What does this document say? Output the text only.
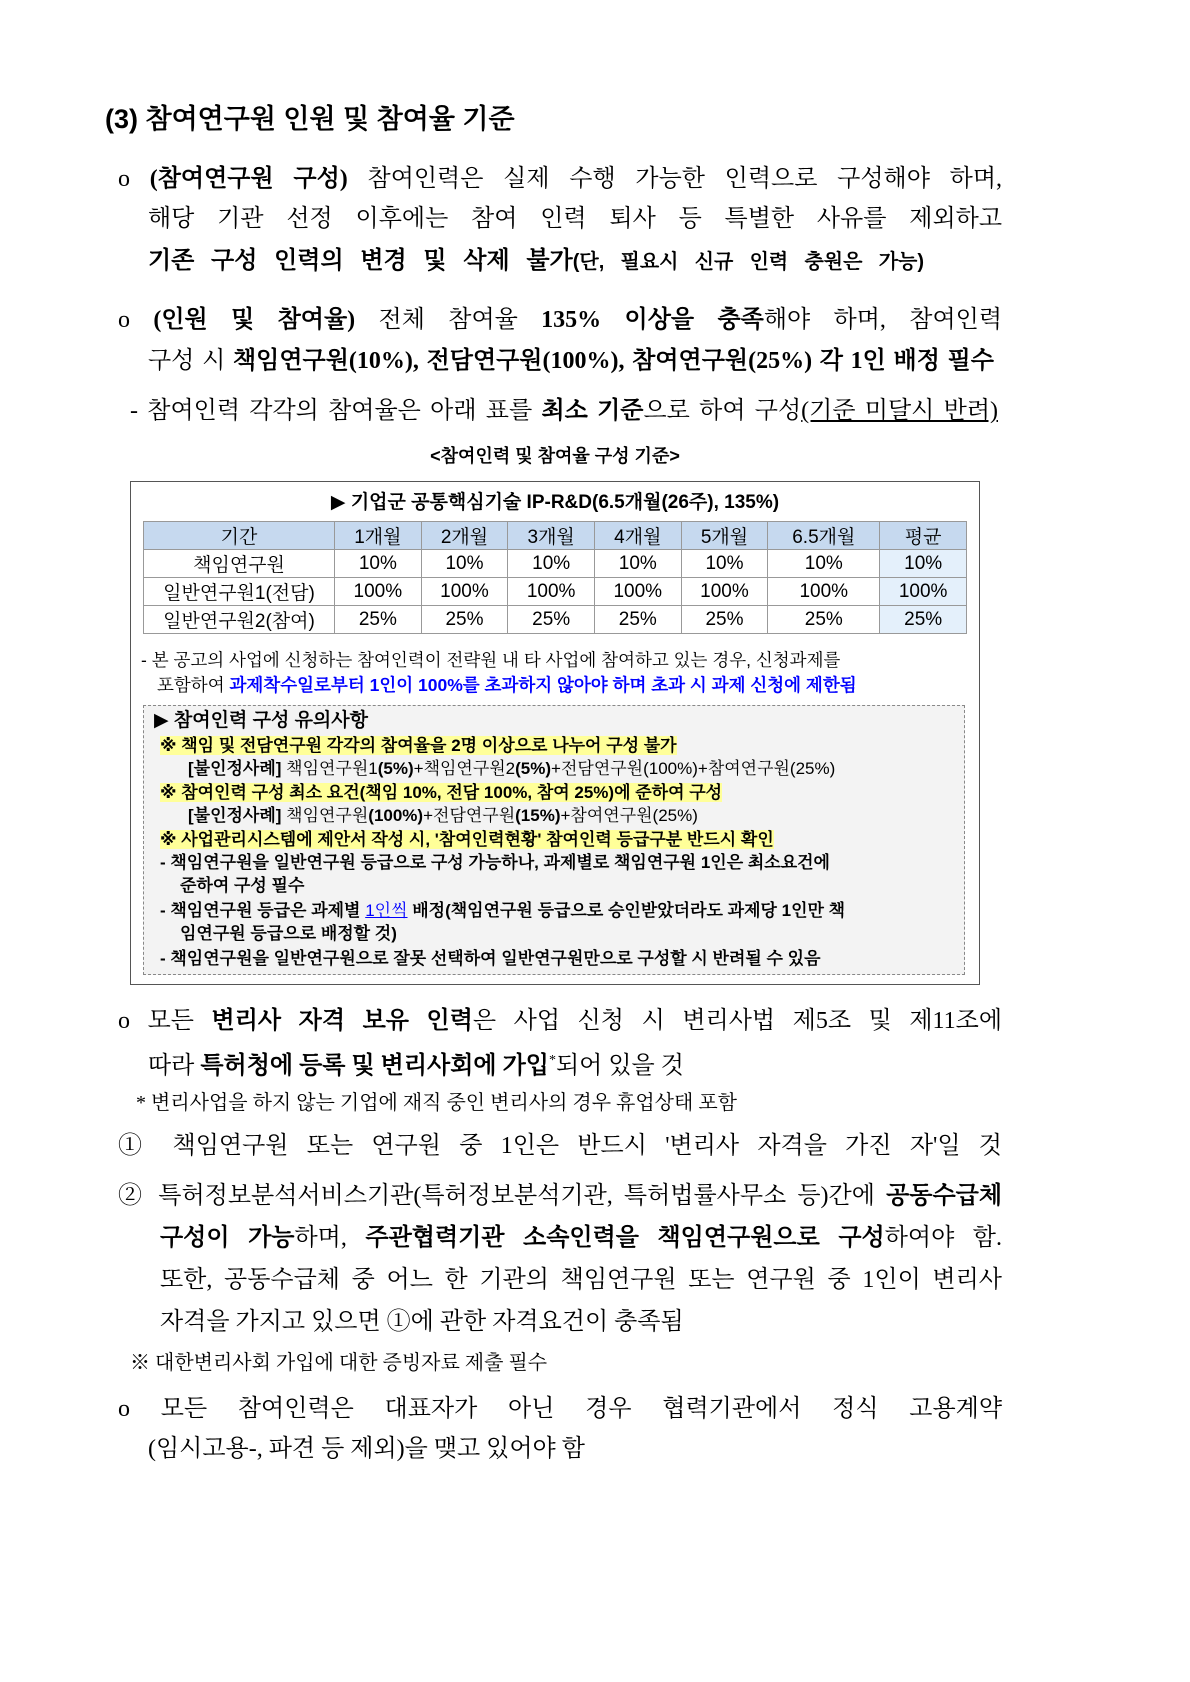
(3) 참여연구원 인원 및 참여율 기준
o (참여연구원 구성) 참여인력은 실제 수행 가능한 인력으로 구성해야 하며,
해당 기관 선정 이후에는 참여 인력 퇴사 등 특별한 사유를 제외하고
기존 구성 인력의 변경 및 삭제 불가(단, 필요시 신규 인력 충원은 가능)
o (인원 및 참여율) 전체 참여율 135% 이상을 충족해야 하며, 참여인력
구성 시 책임연구원(10%), 전담연구원(100%), 참여연구원(25%) 각 1인 배정 필수
- 참여인력 각각의 참여율은 아래 표를 최소 기준으로 하여 구성(기준 미달시 반려)
<참여인력 및 참여율 구성 기준>
▶ 기업군 공통핵심기술 IP-R&D(6.5개월(26주), 135%)
기간	1개월	2개월	3개월	4개월	5개월	6.5개월	평균
책임연구원	10%	10%	10%	10%	10%	10%	10%
일반연구원1(전담)	100%	100%	100%	100%	100%	100%	100%
일반연구원2(참여)	25%	25%	25%	25%	25%	25%	25%
- 본 공고의 사업에 신청하는 참여인력이 전략원 내 타 사업에 참여하고 있는 경우, 신청과제를
포함하여 과제착수일로부터 1인이 100%를 초과하지 않아야 하며 초과 시 과제 신청에 제한됨
▶ 참여인력 구성 유의사항
※ 책임 및 전담연구원 각각의 참여율을 2명 이상으로 나누어 구성 불가
[불인정사례] 책임연구원1(5%)+책임연구원2(5%)+전담연구원(100%)+참여연구원(25%)
※ 참여인력 구성 최소 요건(책임 10%, 전담 100%, 참여 25%)에 준하여 구성
[불인정사례] 책임연구원(100%)+전담연구원(15%)+참여연구원(25%)
※ 사업관리시스템에 제안서 작성 시, '참여인력현황' 참여인력 등급구분 반드시 확인
- 책임연구원을 일반연구원 등급으로 구성 가능하나, 과제별로 책임연구원 1인은 최소요건에
준하여 구성 필수
- 책임연구원 등급은 과제별 1인씩 배정(책임연구원 등급으로 승인받았더라도 과제당 1인만 책
임연구원 등급으로 배정할 것)
- 책임연구원을 일반연구원으로 잘못 선택하여 일반연구원만으로 구성할 시 반려될 수 있음
o 모든 변리사 자격 보유 인력은 사업 신청 시 변리사법 제5조 및 제11조에
따라 특허청에 등록 및 변리사회에 가입*되어 있을 것
* 변리사업을 하지 않는 기업에 재직 중인 변리사의 경우 휴업상태 포함
① 책임연구원 또는 연구원 중 1인은 반드시 '변리사 자격을 가진 자'일 것
② 특허정보분석서비스기관(특허정보분석기관, 특허법률사무소 등)간에 공동수급체
구성이 가능하며, 주관협력기관 소속인력을 책임연구원으로 구성하여야 함.
또한, 공동수급체 중 어느 한 기관의 책임연구원 또는 연구원 중 1인이 변리사
자격을 가지고 있으면 ①에 관한 자격요건이 충족됨
※ 대한변리사회 가입에 대한 증빙자료 제출 필수
o 모든 참여인력은 대표자가 아닌 경우 협력기관에서 정식 고용계약
(임시고용-, 파견 등 제외)을 맺고 있어야 함
